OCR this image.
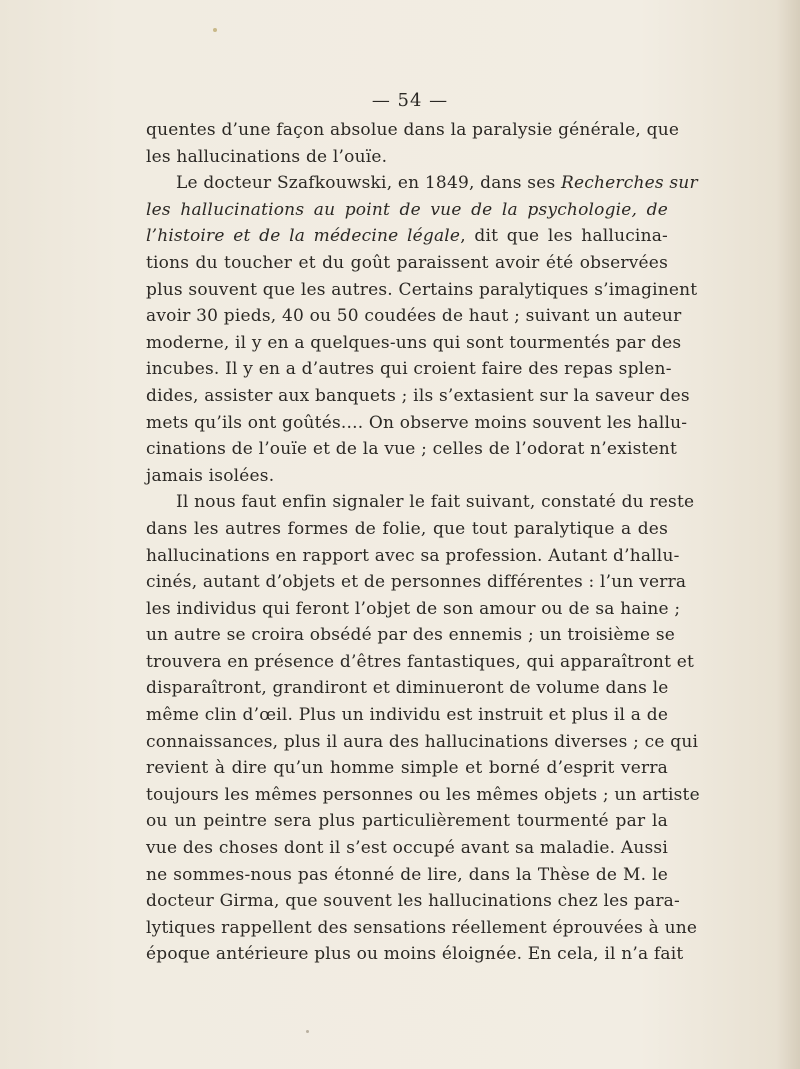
— 54 —
quentes d’une façon absolue dans la paralysie générale, que
les hallucinations de l’ouïe.
Le docteur Szafkouwski, en 1849, dans ses Recherches sur
les hallucinations au point de vue de la psychologie, de
l’histoire et de la médecine légale, dit que les hallucina-
tions du toucher et du goût paraissent avoir été observées
plus souvent que les autres. Certains paralytiques s’imaginent
avoir 30 pieds, 40 ou 50 coudées de haut ; suivant un auteur
moderne, il y en a quelques-uns qui sont tourmentés par des
incubes. Il y en a d’autres qui croient faire des repas splen-
dides, assister aux banquets ; ils s’extasient sur la saveur des
mets qu’ils ont goûtés.... On observe moins souvent les hallu-
cinations de l’ouïe et de la vue ; celles de l’odorat n’existent
jamais isolées.
Il nous faut enfin signaler le fait suivant, constaté du reste
dans les autres formes de folie, que tout paralytique a des
hallucinations en rapport avec sa profession. Autant d’hallu-
cinés, autant d’objets et de personnes différentes : l’un verra
les individus qui feront l’objet de son amour ou de sa haine ;
un autre se croira obsédé par des ennemis ; un troisième se
trouvera en présence d’êtres fantastiques, qui apparaîtront et
disparaîtront, grandiront et diminueront de volume dans le
même clin d’œil. Plus un individu est instruit et plus il a de
connaissances, plus il aura des hallucinations diverses ; ce qui
revient à dire qu’un homme simple et borné d’esprit verra
toujours les mêmes personnes ou les mêmes objets ; un artiste
ou un peintre sera plus particulièrement tourmenté par la
vue des choses dont il s’est occupé avant sa maladie. Aussi
ne sommes-nous pas étonné de lire, dans la Thèse de M. le
docteur Girma, que souvent les hallucinations chez les para-
lytiques rappellent des sensations réellement éprouvées à une
époque antérieure plus ou moins éloignée. En cela, il n’a fait
